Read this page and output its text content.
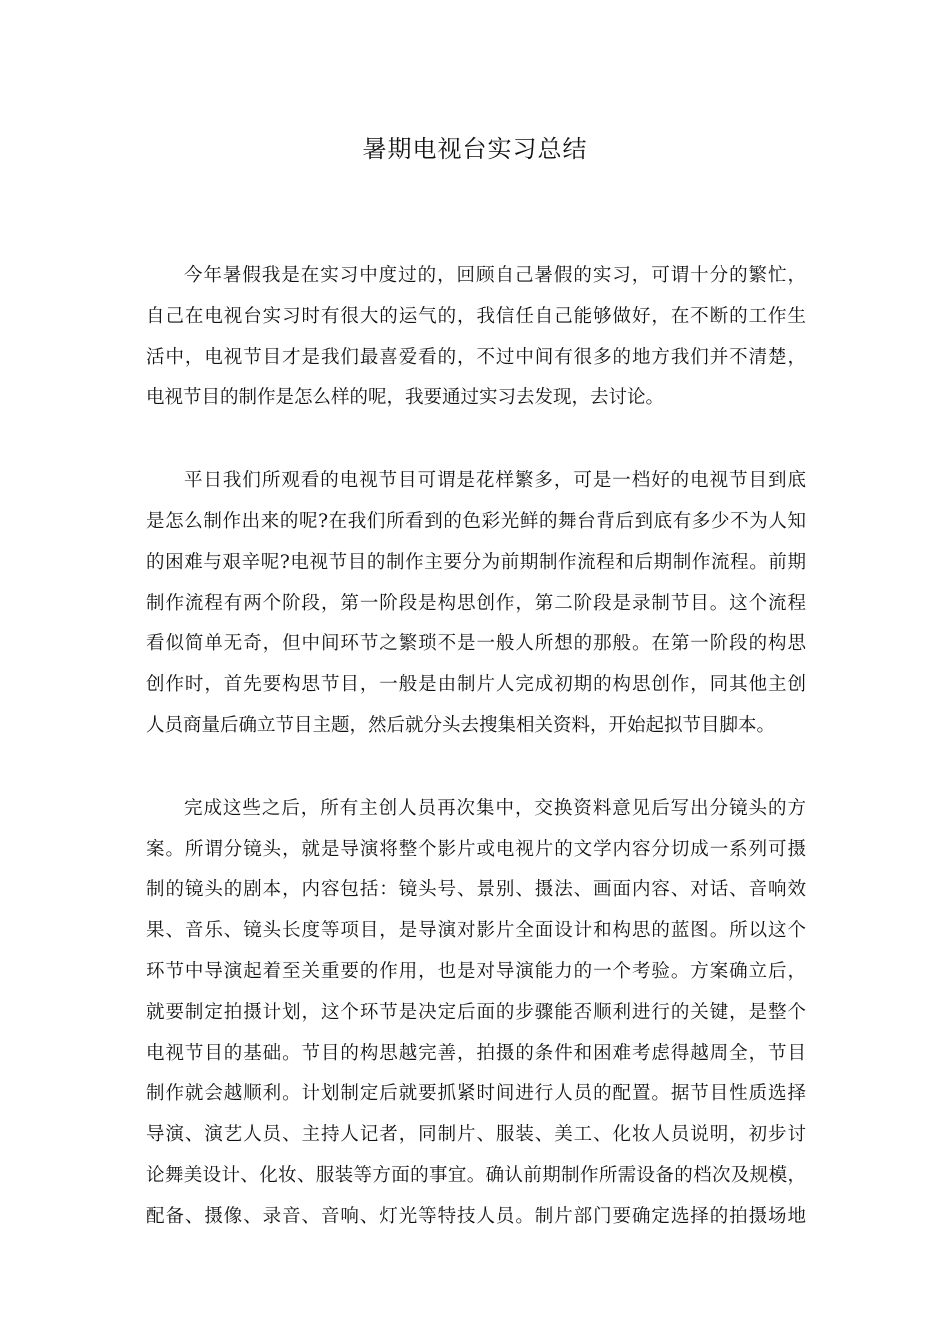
暑期电视台实习总结
今年暑假我是在实习中度过的，回顾自己暑假的实习，可谓十分的繁忙，
自己在电视台实习时有很大的运气的，我信任自己能够做好，在不断的工作生
活中，电视节目才是我们最喜爱看的，不过中间有很多的地方我们并不清楚，
电视节目的制作是怎么样的呢，我要通过实习去发现，去讨论。
平日我们所观看的电视节目可谓是花样繁多，可是一档好的电视节目到底
是怎么制作出来的呢?在我们所看到的色彩光鲜的舞台背后到底有多少不为人知
的困难与艰辛呢?电视节目的制作主要分为前期制作流程和后期制作流程。前期
制作流程有两个阶段，第一阶段是构思创作，第二阶段是录制节目。这个流程
看似简单无奇，但中间环节之繁琐不是一般人所想的那般。在第一阶段的构思
创作时，首先要构思节目，一般是由制片人完成初期的构思创作，同其他主创
人员商量后确立节目主题，然后就分头去搜集相关资料，开始起拟节目脚本。
完成这些之后，所有主创人员再次集中，交换资料意见后写出分镜头的方
案。所谓分镜头，就是导演将整个影片或电视片的文学内容分切成一系列可摄
制的镜头的剧本，内容包括：镜头号、景别、摄法、画面内容、对话、音响效
果、音乐、镜头长度等项目，是导演对影片全面设计和构思的蓝图。所以这个
环节中导演起着至关重要的作用，也是对导演能力的一个考验。方案确立后，
就要制定拍摄计划，这个环节是决定后面的步骤能否顺利进行的关键，是整个
电视节目的基础。节目的构思越完善，拍摄的条件和困难考虑得越周全，节目
制作就会越顺利。计划制定后就要抓紧时间进行人员的配置。据节目性质选择
导演、演艺人员、主持人记者，同制片、服装、美工、化妆人员说明，初步讨
论舞美设计、化妆、服装等方面的事宜。确认前期制作所需设备的档次及规模，
配备、摄像、录音、音响、灯光等特技人员。制片部门要确定选择的拍摄场地
